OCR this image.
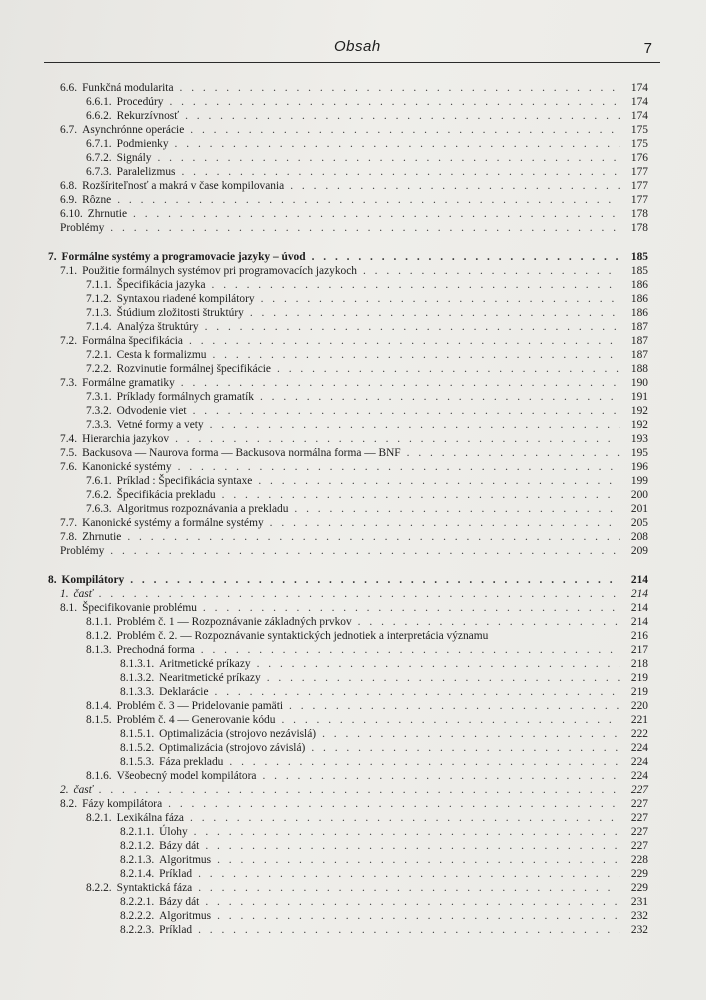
Obsah	7
6.6. Funkčná modularita . . .	174
6.6.1. Procedúry . . .	174
6.6.2. Rekurzívnosť . . .	174
6.7. Asynchrónne operácie . . .	175
6.7.1. Podmienky . . .	175
6.7.2. Signály . . .	176
6.7.3. Paralelizmus . . .	177
6.8. Rozšíriteľnosť a makrá v čase kompilovania . . .	177
6.9. Rôzne . . .	177
6.10. Zhrnutie . . .	178
Problémy . . .	178
7. Formálne systémy a programovacie jazyky – úvod . . .	185
7.1. Použitie formálnych systémov pri programovacích jazykoch . . .	185
7.1.1. Špecifikácia jazyka . . .	186
7.1.2. Syntaxou riadené kompilátory . . .	186
7.1.3. Štúdium zložitosti štruktúry . . .	186
7.1.4. Analýza štruktúry . . .	187
7.2. Formálna špecifikácia . . .	187
7.2.1. Cesta k formalizmu . . .	187
7.2.2. Rozvinutie formálnej špecifikácie . . .	188
7.3. Formálne gramatiky . . .	190
7.3.1. Príklady formálnych gramatík . . .	191
7.3.2. Odvodenie viet . . .	192
7.3.3. Vetné formy a vety . . .	192
7.4. Hierarchia jazykov . . .	193
7.5. Backusova — Naurova forma — Backusova normálna forma — BNF . . .	195
7.6. Kanonické systémy . . .	196
7.6.1. Príklad : Špecifikácia syntaxe . . .	199
7.6.2. Špecifikácia prekladu . . .	200
7.6.3. Algoritmus rozpoznávania a prekladu . . .	201
7.7. Kanonické systémy a formálne systémy . . .	205
7.8. Zhrnutie . . .	208
Problémy . . .	209
8. Kompilátory . . .	214
1. časť . . .	214
8.1. Špecifikovanie problému . . .	214
8.1.1. Problém č. 1 — Rozpoznávanie základných prvkov . . .	214
8.1.2. Problém č. 2. — Rozpoznávanie syntaktických jednotiek a interpretácia významu	216
8.1.3. Prechodná forma . . .	217
8.1.3.1. Aritmetické príkazy . . .	218
8.1.3.2. Nearitmetické príkazy . . .	219
8.1.3.3. Deklarácie . . .	219
8.1.4. Problém č. 3 — Pridelovanie pamäti . . .	220
8.1.5. Problém č. 4 — Generovanie kódu . . .	221
8.1.5.1. Optimalizácia (strojovo nezávislá) . . .	222
8.1.5.2. Optimalizácia (strojovo závislá) . . .	224
8.1.5.3. Fáza prekladu . . .	224
8.1.6. Všeobecný model kompilátora . . .	224
2. časť . . .	227
8.2. Fázy kompilátora . . .	227
8.2.1. Lexikálna fáza . . .	227
8.2.1.1. Úlohy . . .	227
8.2.1.2. Bázy dát . . .	227
8.2.1.3. Algoritmus . . .	228
8.2.1.4. Príklad . . .	229
8.2.2. Syntaktická fáza . . .	229
8.2.2.1. Bázy dát . . .	231
8.2.2.2. Algoritmus . . .	232
8.2.2.3. Príklad . . .	232
